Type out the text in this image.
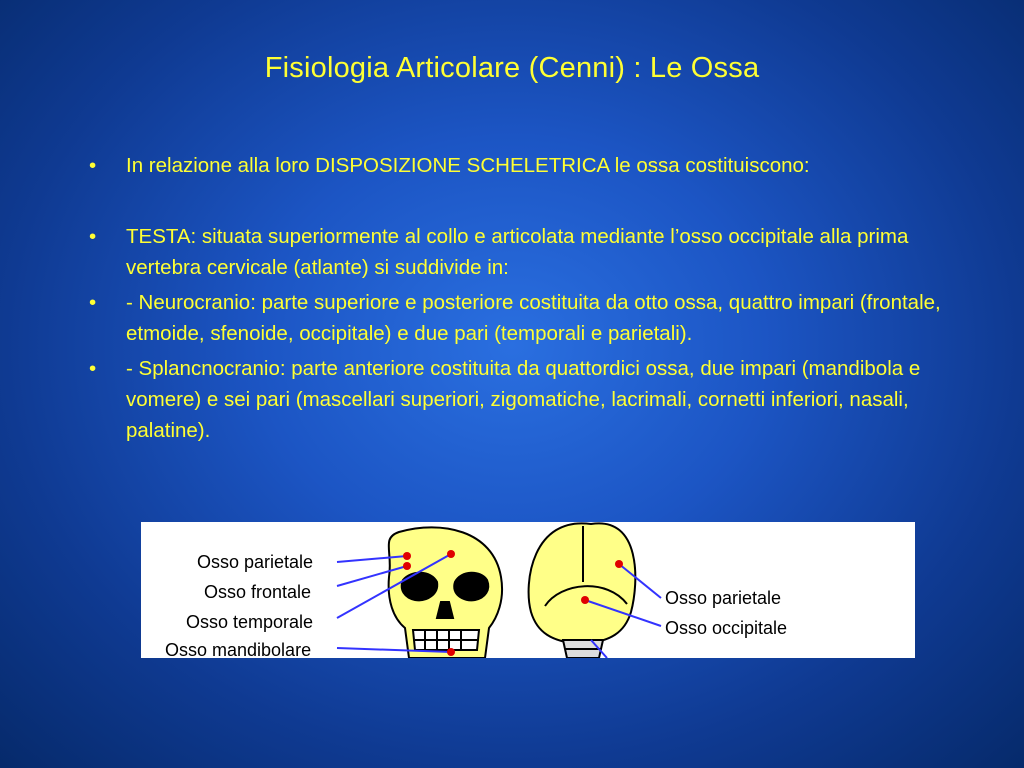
Fisiologia Articolare (Cenni) : Le Ossa
• In relazione alla loro DISPOSIZIONE SCHELETRICA le ossa costituiscono:
• TESTA: situata superiormente al collo e articolata mediante l’osso occipitale alla prima vertebra cervicale (atlante) si suddivide in:
• - Neurocranio: parte superiore e posteriore costituita da otto ossa, quattro impari (frontale, etmoide, sfenoide, occipitale) e due pari (temporali e parietali).
• - Splancnocranio: parte anteriore costituita da quattordici ossa, due impari (mandibola e vomere) e sei pari (mascellari superiori, zigomatiche, lacrimali, cornetti inferiori, nasali, palatine).
Osso parietale
Osso frontale
Osso temporale
Osso mandibolare
Osso parietale
Osso occipitale
